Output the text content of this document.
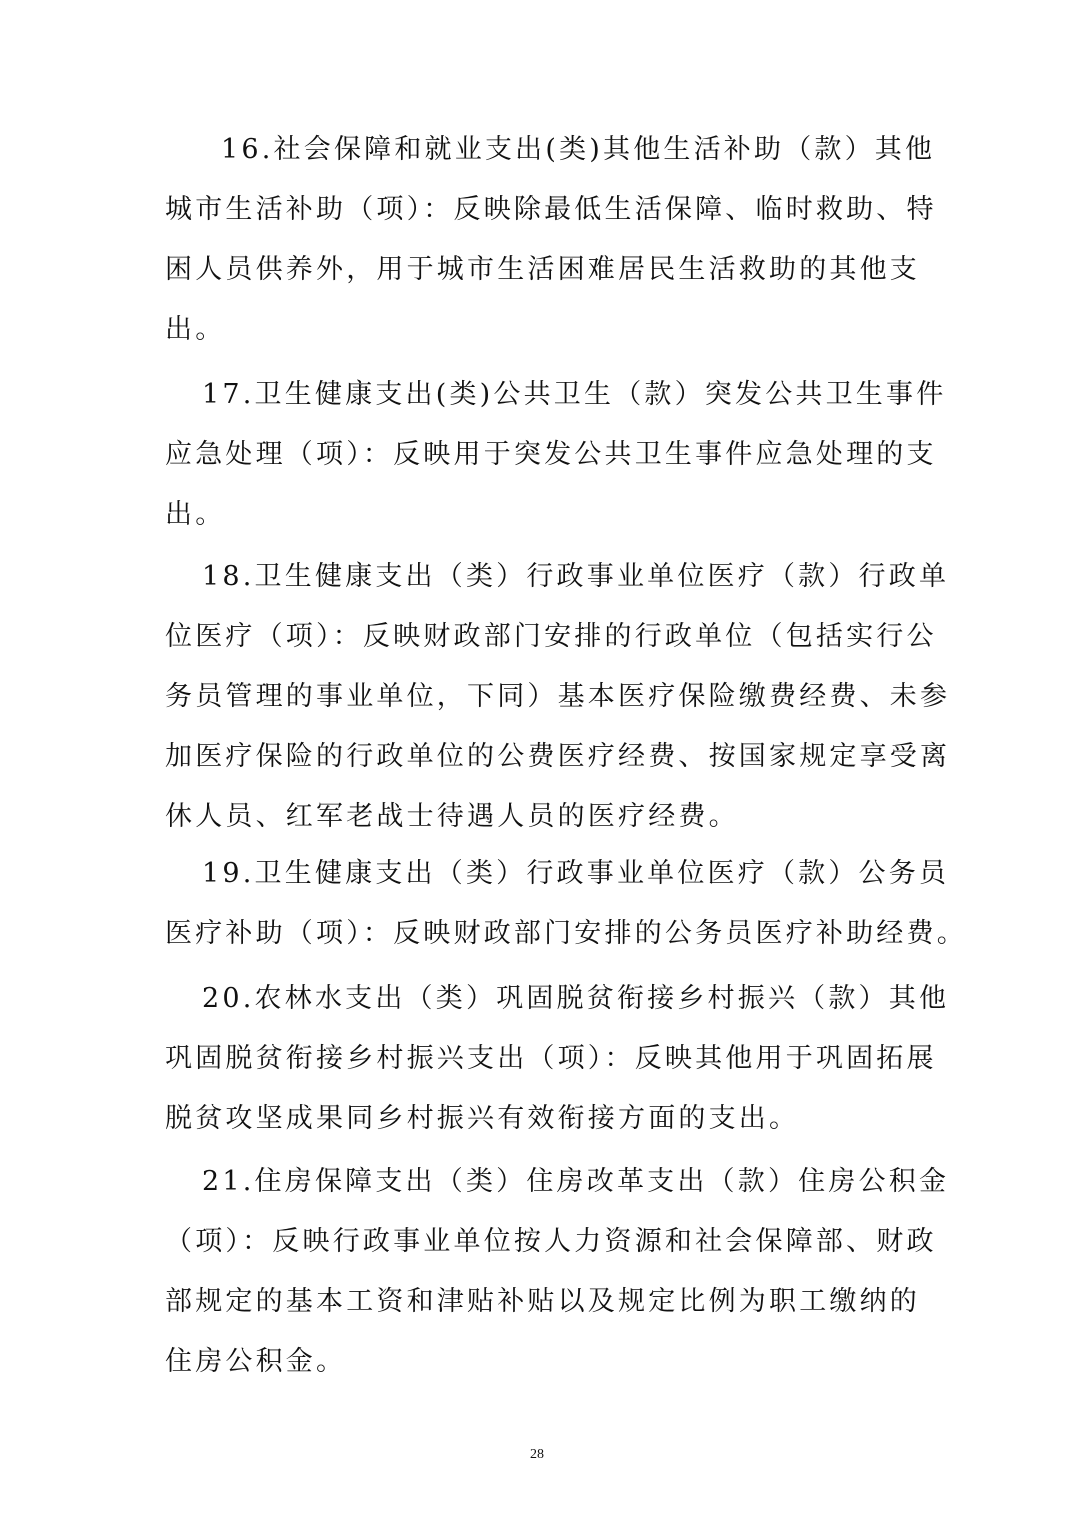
16.社会保障和就业支出(类)其他生活补助（款）其他
城市生活补助（项）：反映除最低生活保障、临时救助、特
困人员供养外，用于城市生活困难居民生活救助的其他支
出。

17.卫生健康支出(类)公共卫生（款）突发公共卫生事件
应急处理（项）：反映用于突发公共卫生事件应急处理的支
出。

18.卫生健康支出（类）行政事业单位医疗（款）行政单
位医疗（项）：反映财政部门安排的行政单位（包括实行公
务员管理的事业单位，下同）基本医疗保险缴费经费、未参
加医疗保险的行政单位的公费医疗经费、按国家规定享受离
休人员、红军老战士待遇人员的医疗经费。

19.卫生健康支出（类）行政事业单位医疗（款）公务员
医疗补助（项）：反映财政部门安排的公务员医疗补助经费。

20.农林水支出（类）巩固脱贫衔接乡村振兴（款）其他
巩固脱贫衔接乡村振兴支出（项）：反映其他用于巩固拓展
脱贫攻坚成果同乡村振兴有效衔接方面的支出。

21.住房保障支出（类）住房改革支出（款）住房公积金
（项）：反映行政事业单位按人力资源和社会保障部、财政
部规定的基本工资和津贴补贴以及规定比例为职工缴纳的
住房公积金。

28
